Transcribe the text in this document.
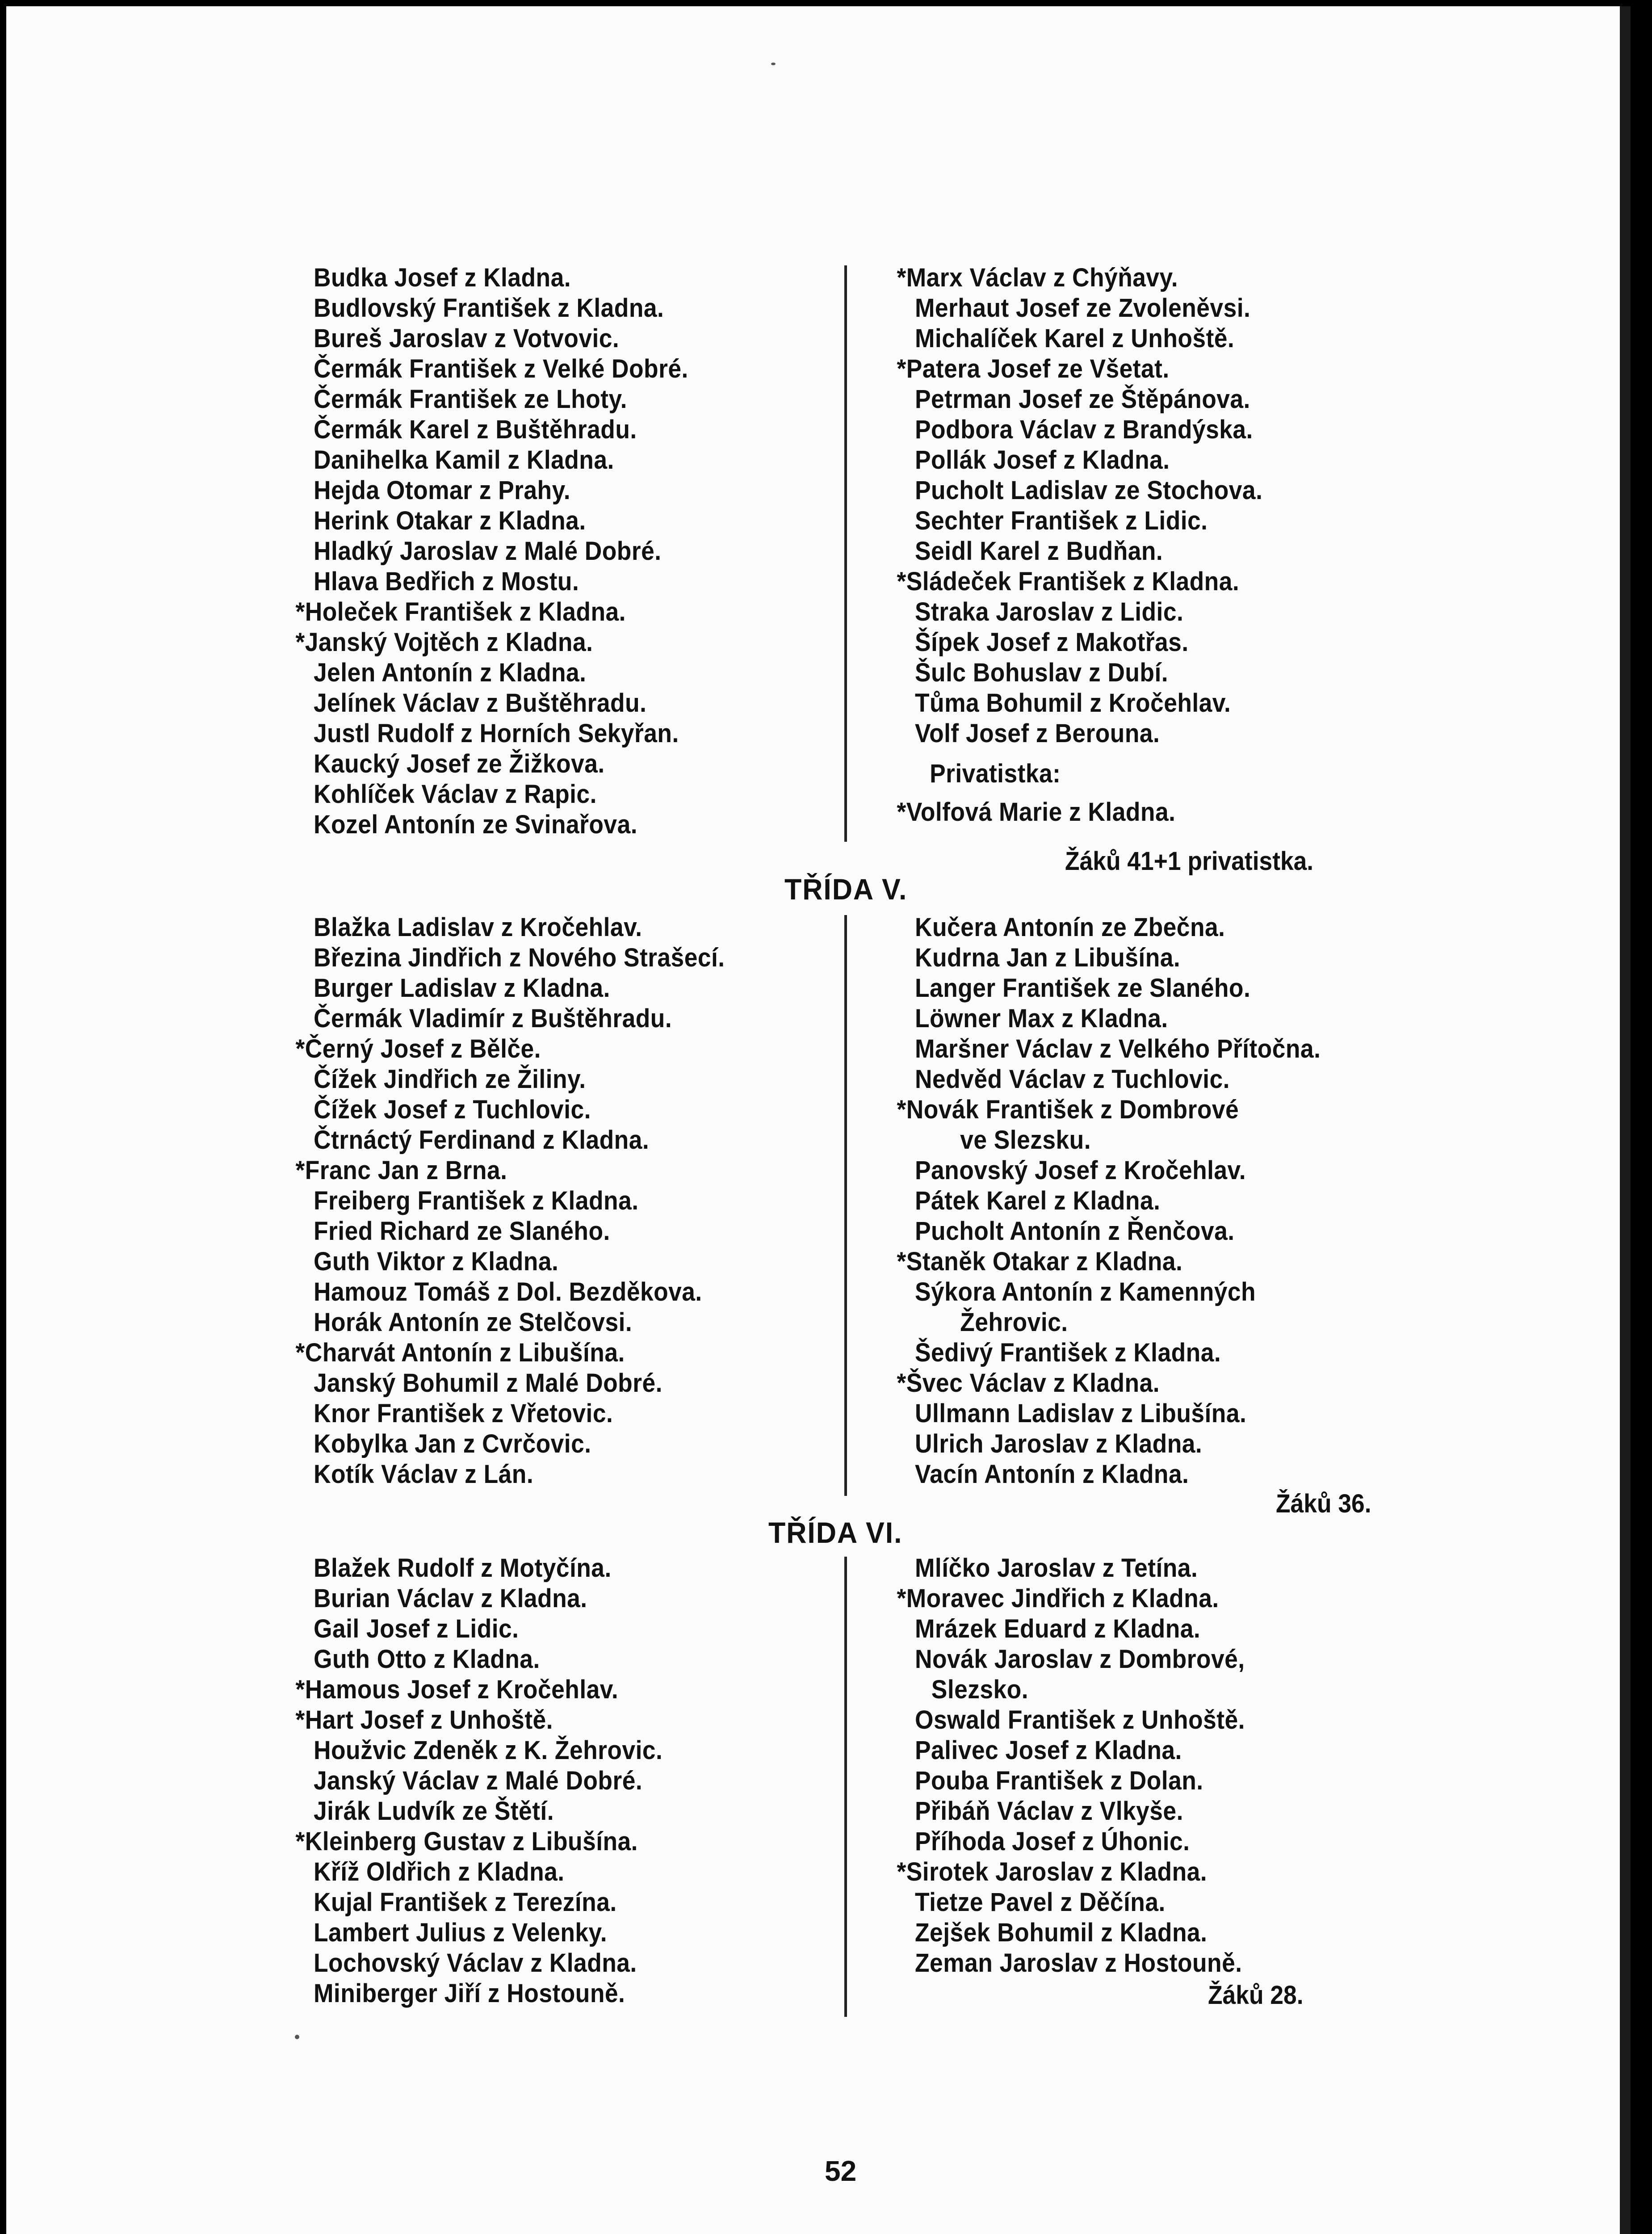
Budka Josef z Kladna.
Budlovský František z Kladna.
Bureš Jaroslav z Votvovic.
Čermák František z Velké Dobré.
Čermák František ze Lhoty.
Čermák Karel z Buštěhradu.
Danihelka Kamil z Kladna.
Hejda Otomar z Prahy.
Herink Otakar z Kladna.
Hladký Jaroslav z Malé Dobré.
Hlava Bedřich z Mostu.
*Holeček František z Kladna.
*Janský Vojtěch z Kladna.
Jelen Antonín z Kladna.
Jelínek Václav z Buštěhradu.
Justl Rudolf z Horních Sekyřan.
Kaucký Josef ze Žižkova.
Kohlíček Václav z Rapic.
Kozel Antonín ze Svinařova.
*Marx Václav z Chýňavy.
Merhaut Josef ze Zvoleněvsi.
Michalíček Karel z Unhoště.
*Patera Josef ze Všetat.
Petrman Josef ze Štěpánova.
Podbora Václav z Brandýska.
Pollák Josef z Kladna.
Pucholt Ladislav ze Stochova.
Sechter František z Lidic.
Seidl Karel z Budňan.
*Sládeček František z Kladna.
Straka Jaroslav z Lidic.
Šípek Josef z Makotřas.
Šulc Bohuslav z Dubí.
Tůma Bohumil z Kročehlav.
Volf Josef z Berouna.
Privatistka:
*Volfová Marie z Kladna.
Žáků 41+1 privatistka.
TŘÍDA V.
Blažka Ladislav z Kročehlav.
Březina Jindřich z Nového Strašecí.
Burger Ladislav z Kladna.
Čermák Vladimír z Buštěhradu.
*Černý Josef z Bělče.
Čížek Jindřich ze Žiliny.
Čížek Josef z Tuchlovic.
Čtrnáctý Ferdinand z Kladna.
*Franc Jan z Brna.
Freiberg František z Kladna.
Fried Richard ze Slaného.
Guth Viktor z Kladna.
Hamouz Tomáš z Dol. Bezděkova.
Horák Antonín ze Stelčovsi.
*Charvát Antonín z Libušína.
Janský Bohumil z Malé Dobré.
Knor František z Vřetovic.
Kobylka Jan z Cvrčovic.
Kotík Václav z Lán.
Kučera Antonín ze Zbečna.
Kudrna Jan z Libušína.
Langer František ze Slaného.
Löwner Max z Kladna.
Maršner Václav z Velkého Přítočna.
Nedvěd Václav z Tuchlovic.
*Novák František z Dombrové
ve Slezsku.
Panovský Josef z Kročehlav.
Pátek Karel z Kladna.
Pucholt Antonín z Řenčova.
*Staněk Otakar z Kladna.
Sýkora Antonín z Kamenných
Žehrovic.
Šedivý František z Kladna.
*Švec Václav z Kladna.
Ullmann Ladislav z Libušína.
Ulrich Jaroslav z Kladna.
Vacín Antonín z Kladna.
Žáků 36.
TŘÍDA VI.
Blažek Rudolf z Motyčína.
Burian Václav z Kladna.
Gail Josef z Lidic.
Guth Otto z Kladna.
*Hamous Josef z Kročehlav.
*Hart Josef z Unhoště.
Houžvic Zdeněk z K. Žehrovic.
Janský Václav z Malé Dobré.
Jirák Ludvík ze Štětí.
*Kleinberg Gustav z Libušína.
Kříž Oldřich z Kladna.
Kujal František z Terezína.
Lambert Julius z Velenky.
Lochovský Václav z Kladna.
Miniberger Jiří z Hostouně.
Mlíčko Jaroslav z Tetína.
*Moravec Jindřich z Kladna.
Mrázek Eduard z Kladna.
Novák Jaroslav z Dombrové,
Slezsko.
Oswald František z Unhoště.
Palivec Josef z Kladna.
Pouba František z Dolan.
Přibáň Václav z Vlkyše.
Příhoda Josef z Úhonic.
*Sirotek Jaroslav z Kladna.
Tietze Pavel z Děčína.
Zejšek Bohumil z Kladna.
Zeman Jaroslav z Hostouně.
Žáků 28.
52
